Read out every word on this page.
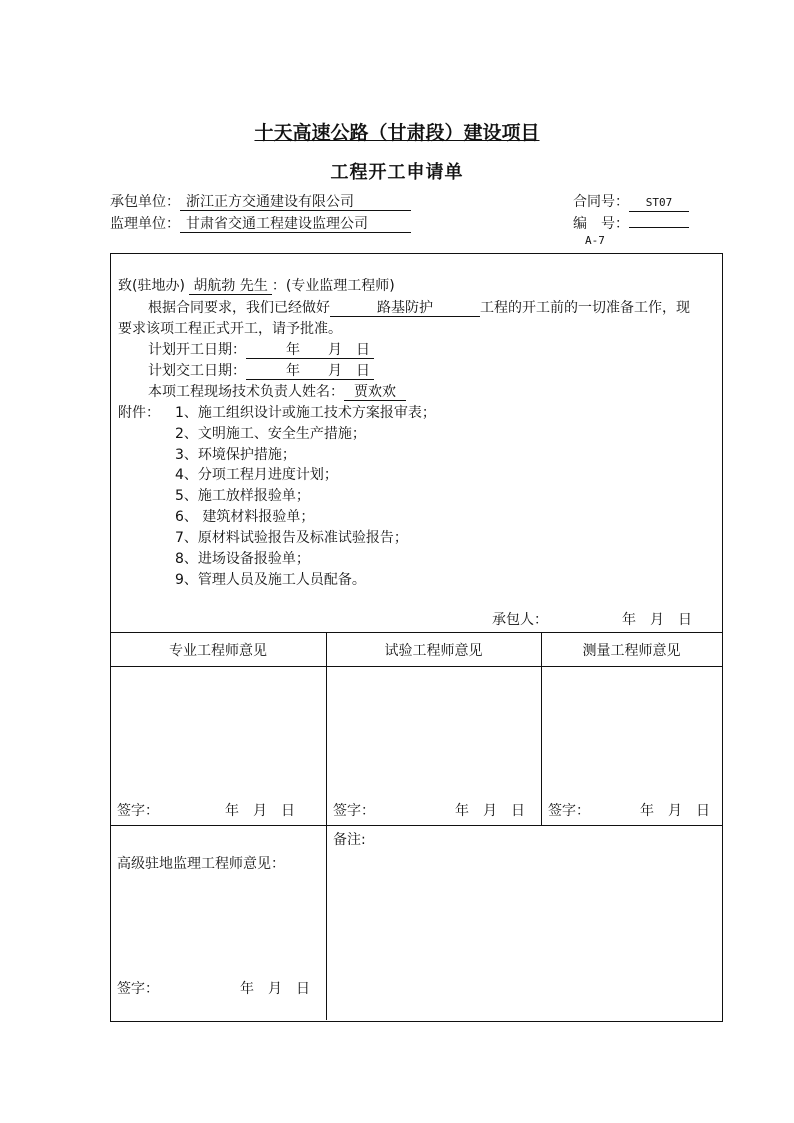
十天高速公路（甘肃段）建设项目
工程开工申请单
承包单位： 浙江正方交通建设有限公司
监理单位： 甘肃省交通工程建设监理公司
合同号： ST07
编　号：
A-7
致(驻地办) 胡航勃 先生 ：(专业监理工程师)
根据合同要求，我们已经做好	路基防护	工程的开工前的一切准备工作，现
要求该项工程正式开工，请予批准。
计划开工日期：	年 月 日
计划交工日期：	年 月 日
本项工程现场技术负责人姓名： 贾欢欢
附件： 1、施工组织设计或施工技术方案报审表；
2、文明施工、安全生产措施；
3、环境保护措施；
4、分项工程月进度计划；
5、施工放样报验单；
6、 建筑材料报验单；
7、原材料试验报告及标准试验报告；
8、进场设备报验单；
9、管理人员及施工人员配备。
承包人：	年　月　日
专业工程师意见	试验工程师意见	测量工程师意见
签字：	年　月　日	签字：	年　月　日 签字：	年　月　日
高级驻地监理工程师意见：
备注:
签字：	年　月　日
